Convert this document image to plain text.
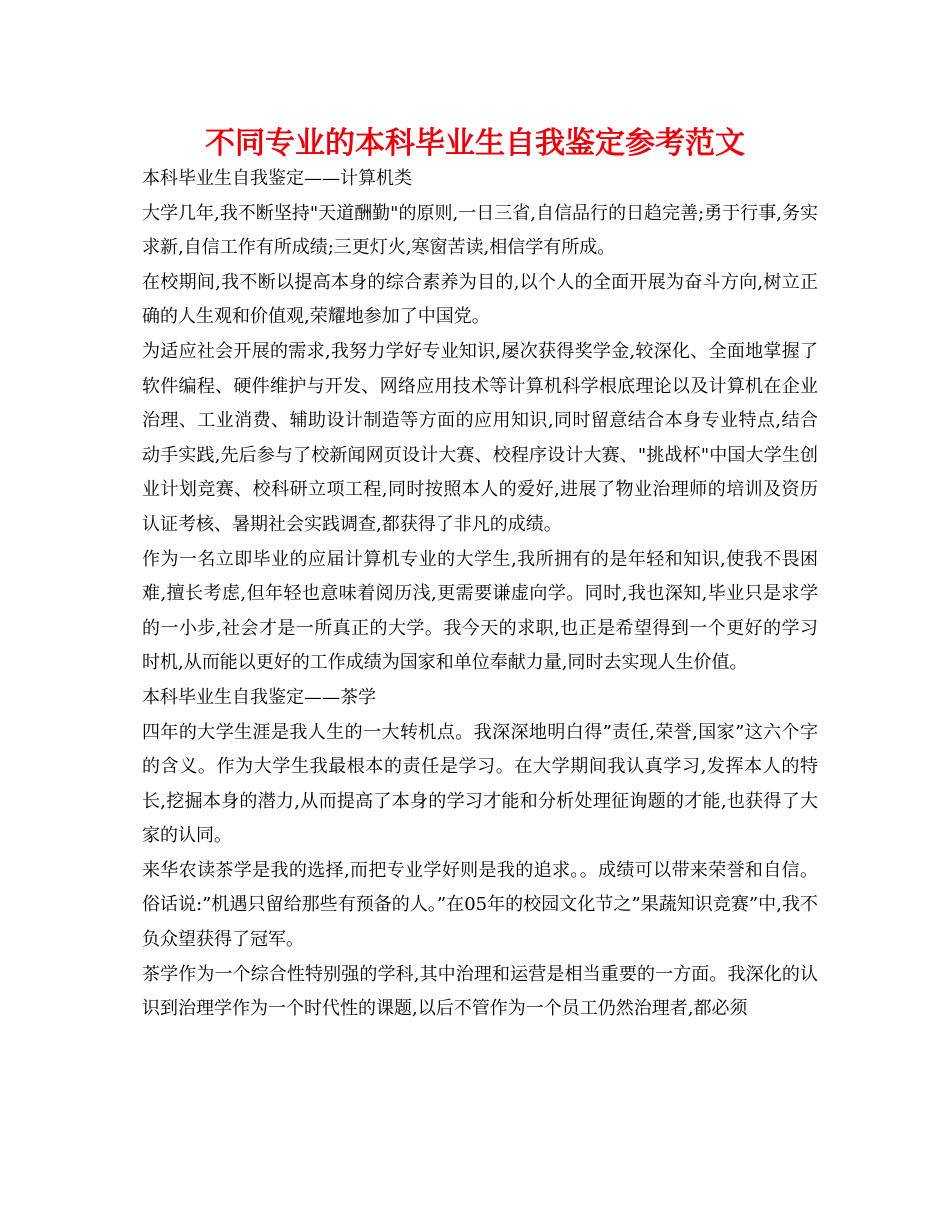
不同专业的本科毕业生自我鉴定参考范文

本科毕业生自我鉴定——计算机类

大学几年,我不断坚持"天道酬勤"的原则,一日三省,自信品行的日趋完善;勇于行事,务实求新,自信工作有所成绩;三更灯火,寒窗苦读,相信学有所成。

在校期间,我不断以提高本身的综合素养为目的,以个人的全面开展为奋斗方向,树立正确的人生观和价值观,荣耀地参加了中国党。

为适应社会开展的需求,我努力学好专业知识,屡次获得奖学金,较深化、全面地掌握了软件编程、硬件维护与开发、网络应用技术等计算机科学根底理论以及计算机在企业治理、工业消费、辅助设计制造等方面的应用知识,同时留意结合本身专业特点,结合动手实践,先后参与了校新闻网页设计大赛、校程序设计大赛、"挑战杯"中国大学生创业计划竞赛、校科研立项工程,同时按照本人的爱好,进展了物业治理师的培训及资历认证考核、暑期社会实践调查,都获得了非凡的成绩。

作为一名立即毕业的应届计算机专业的大学生,我所拥有的是年轻和知识,使我不畏困难,擅长考虑,但年轻也意味着阅历浅,更需要谦虚向学。同时,我也深知,毕业只是求学的一小步,社会才是一所真正的大学。我今天的求职,也正是希望得到一个更好的学习时机,从而能以更好的工作成绩为国家和单位奉献力量,同时去实现人生价值。

本科毕业生自我鉴定——茶学

四年的大学生涯是我人生的一大转机点。我深深地明白得”责任,荣誉,国家”这六个字的含义。作为大学生我最根本的责任是学习。在大学期间我认真学习,发挥本人的特长,挖掘本身的潜力,从而提高了本身的学习才能和分析处理征询题的才能,也获得了大家的认同。

来华农读茶学是我的选择,而把专业学好则是我的追求。。成绩可以带来荣誉和自信。俗话说:”机遇只留给那些有预备的人。”在05年的校园文化节之”果蔬知识竞赛”中,我不负众望获得了冠军。

茶学作为一个综合性特别强的学科,其中治理和运营是相当重要的一方面。我深化的认识到治理学作为一个时代性的课题,以后不管作为一个员工仍然治理者,都必须
